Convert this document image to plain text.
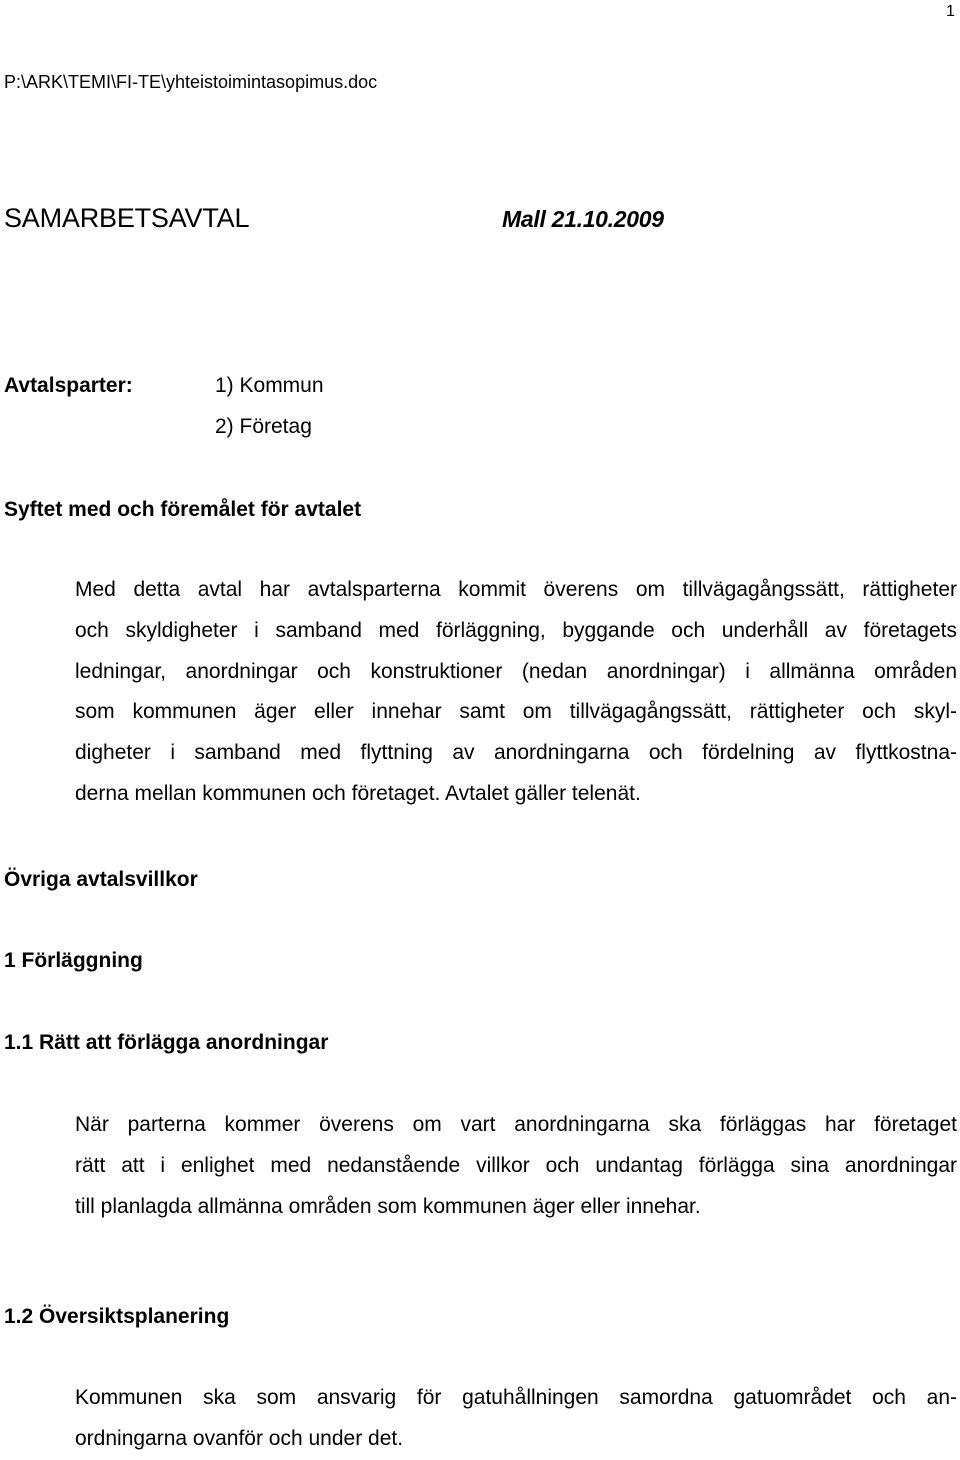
1
P:\ARK\TEMI\FI-TE\yhteistoimintasopimus.doc
SAMARBETSAVTAL	Mall 21.10.2009
Avtalsparter:	1) Kommun
2) Företag
Syftet med och föremålet för avtalet
Med detta avtal har avtalsparterna kommit överens om tillvägagångssätt, rättigheter
och skyldigheter i samband med förläggning, byggande och underhåll av företagets
ledningar, anordningar och konstruktioner (nedan anordningar) i allmänna områden
som kommunen äger eller innehar samt om tillvägagångssätt, rättigheter och skyl-
digheter i samband med flyttning av anordningarna och fördelning av flyttkostna-
derna mellan kommunen och företaget. Avtalet gäller telenät.
Övriga avtalsvillkor
1 Förläggning
1.1 Rätt att förlägga anordningar
När parterna kommer överens om vart anordningarna ska förläggas har företaget
rätt att i enlighet med nedanstående villkor och undantag förlägga sina anordningar
till planlagda allmänna områden som kommunen äger eller innehar.
1.2 Översiktsplanering
Kommunen ska som ansvarig för gatuhållningen samordna gatuområdet och an-
ordningarna ovanför och under det.
